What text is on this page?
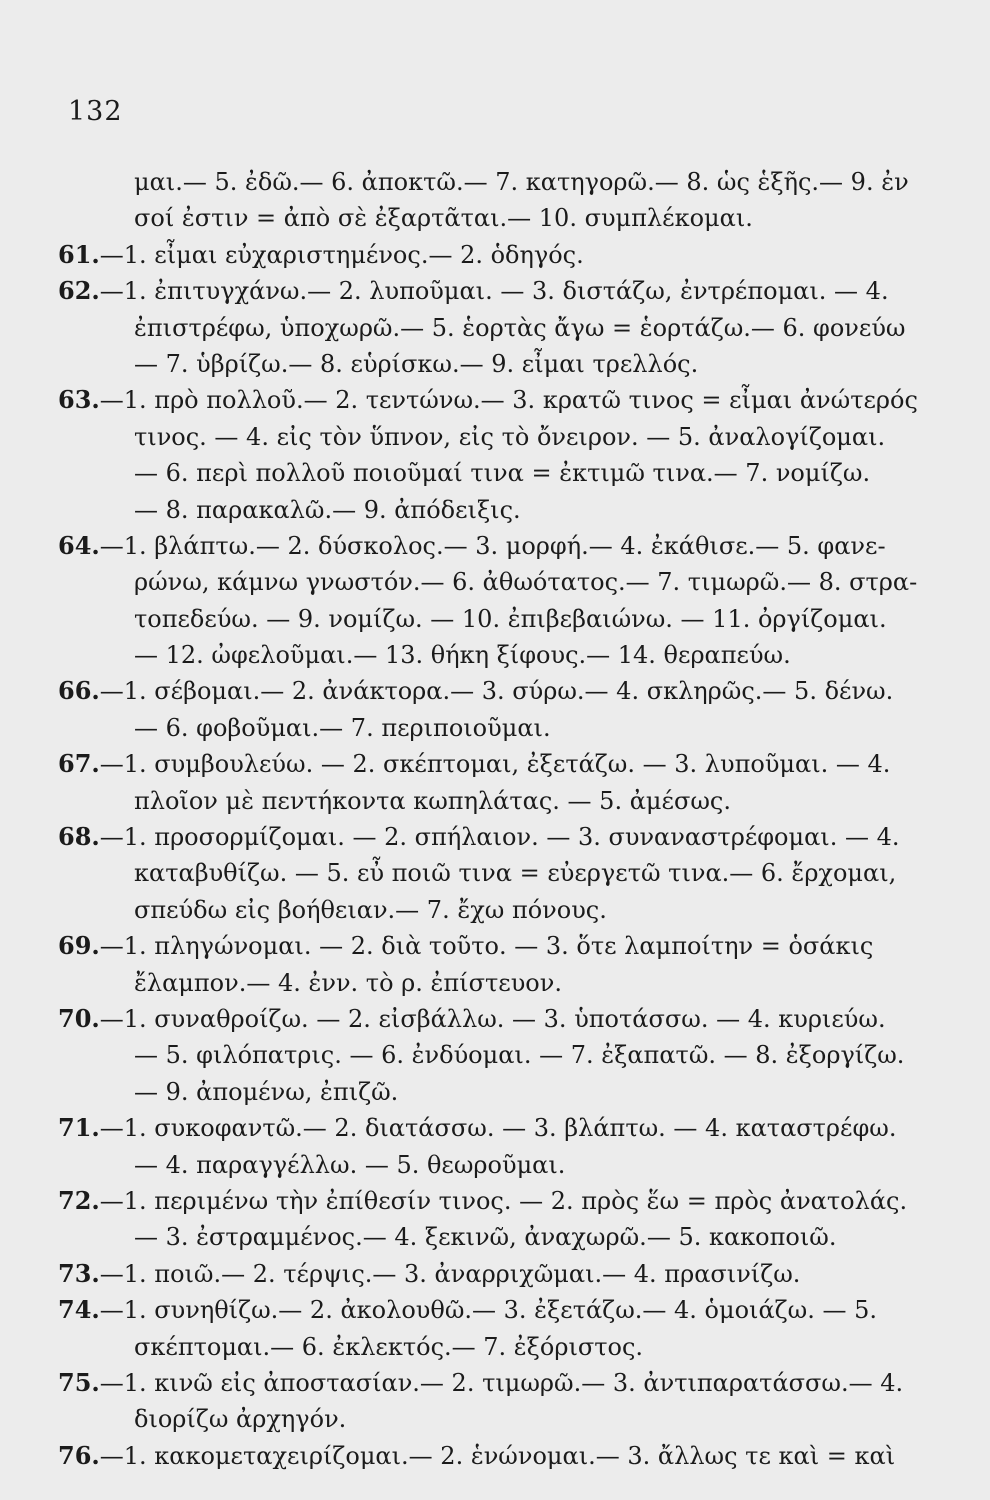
132
μαι.— 5. ἐδῶ.— 6. ἀποκτῶ.— 7. κατηγορῶ.— 8. ὡς ἑξῆς.— 9. ἐν
σοί ἐστιν = ἀπὸ σὲ ἐξαρτᾶται.— 10. συμπλέκομαι.
61.—1. εἶμαι εὐχαριστημένος.— 2. ὁδηγός.
62.—1. ἐπιτυγχάνω.— 2. λυποῦμαι. — 3. διστάζω, ἐντρέπομαι. — 4.
ἐπιστρέφω, ὑποχωρῶ.— 5. ἑορτὰς ἄγω = ἑορτάζω.— 6. φονεύω
— 7. ὑβρίζω.— 8. εὑρίσκω.— 9. εἶμαι τρελλός.
63.—1. πρὸ πολλοῦ.— 2. τεντώνω.— 3. κρατῶ τινος = εἶμαι ἀνώτερός
τινος. — 4. εἰς τὸν ὕπνον, εἰς τὸ ὄνειρον. — 5. ἀναλογίζομαι.
— 6. περὶ πολλοῦ ποιοῦμαί τινα = ἐκτιμῶ τινα.— 7. νομίζω.
— 8. παρακαλῶ.— 9. ἀπόδειξις.
64.—1. βλάπτω.— 2. δύσκολος.— 3. μορφή.— 4. ἐκάθισε.— 5. φανε-
ρώνω, κάμνω γνωστόν.— 6. ἀθωότατος.— 7. τιμωρῶ.— 8. στρα-
τοπεδεύω. — 9. νομίζω. — 10. ἐπιβεβαιώνω. — 11. ὀργίζομαι.
— 12. ὠφελοῦμαι.— 13. θήκη ξίφους.— 14. θεραπεύω.
66.—1. σέβομαι.— 2. ἀνάκτορα.— 3. σύρω.— 4. σκληρῶς.— 5. δένω.
— 6. φοβοῦμαι.— 7. περιποιοῦμαι.
67.—1. συμβουλεύω. — 2. σκέπτομαι, ἐξετάζω. — 3. λυποῦμαι. — 4.
πλοῖον μὲ πεντήκοντα κωπηλάτας. — 5. ἀμέσως.
68.—1. προσορμίζομαι. — 2. σπήλαιον. — 3. συναναστρέφομαι. — 4.
καταβυθίζω. — 5. εὖ ποιῶ τινα = εὐεργετῶ τινα.— 6. ἔρχομαι,
σπεύδω εἰς βοήθειαν.— 7. ἔχω πόνους.
69.—1. πληγώνομαι. — 2. διὰ τοῦτο. — 3. ὅτε λαμποίτην = ὁσάκις
ἔλαμπον.— 4. ἐνν. τὸ ρ. ἐπίστευον.
70.—1. συναθροίζω. — 2. εἰσβάλλω. — 3. ὑποτάσσω. — 4. κυριεύω.
— 5. φιλόπατρις. — 6. ἐνδύομαι. — 7. ἐξαπατῶ. — 8. ἐξοργίζω.
— 9. ἀπομένω, ἐπιζῶ.
71.—1. συκοφαντῶ.— 2. διατάσσω. — 3. βλάπτω. — 4. καταστρέφω.
— 4. παραγγέλλω. — 5. θεωροῦμαι.
72.—1. περιμένω τὴν ἐπίθεσίν τινος. — 2. πρὸς ἕω = πρὸς ἀνατολάς.
— 3. ἐστραμμένος.— 4. ξεκινῶ, ἀναχωρῶ.— 5. κακοποιῶ.
73.—1. ποιῶ.— 2. τέρψις.— 3. ἀναρριχῶμαι.— 4. πρασινίζω.
74.—1. συνηθίζω.— 2. ἀκολουθῶ.— 3. ἐξετάζω.— 4. ὁμοιάζω. — 5.
σκέπτομαι.— 6. ἐκλεκτός.— 7. ἐξόριστος.
75.—1. κινῶ εἰς ἀποστασίαν.— 2. τιμωρῶ.— 3. ἀντιπαρατάσσω.— 4.
διορίζω ἀρχηγόν.
76.—1. κακομεταχειρίζομαι.— 2. ἑνώνομαι.— 3. ἄλλως τε καὶ = καὶ
